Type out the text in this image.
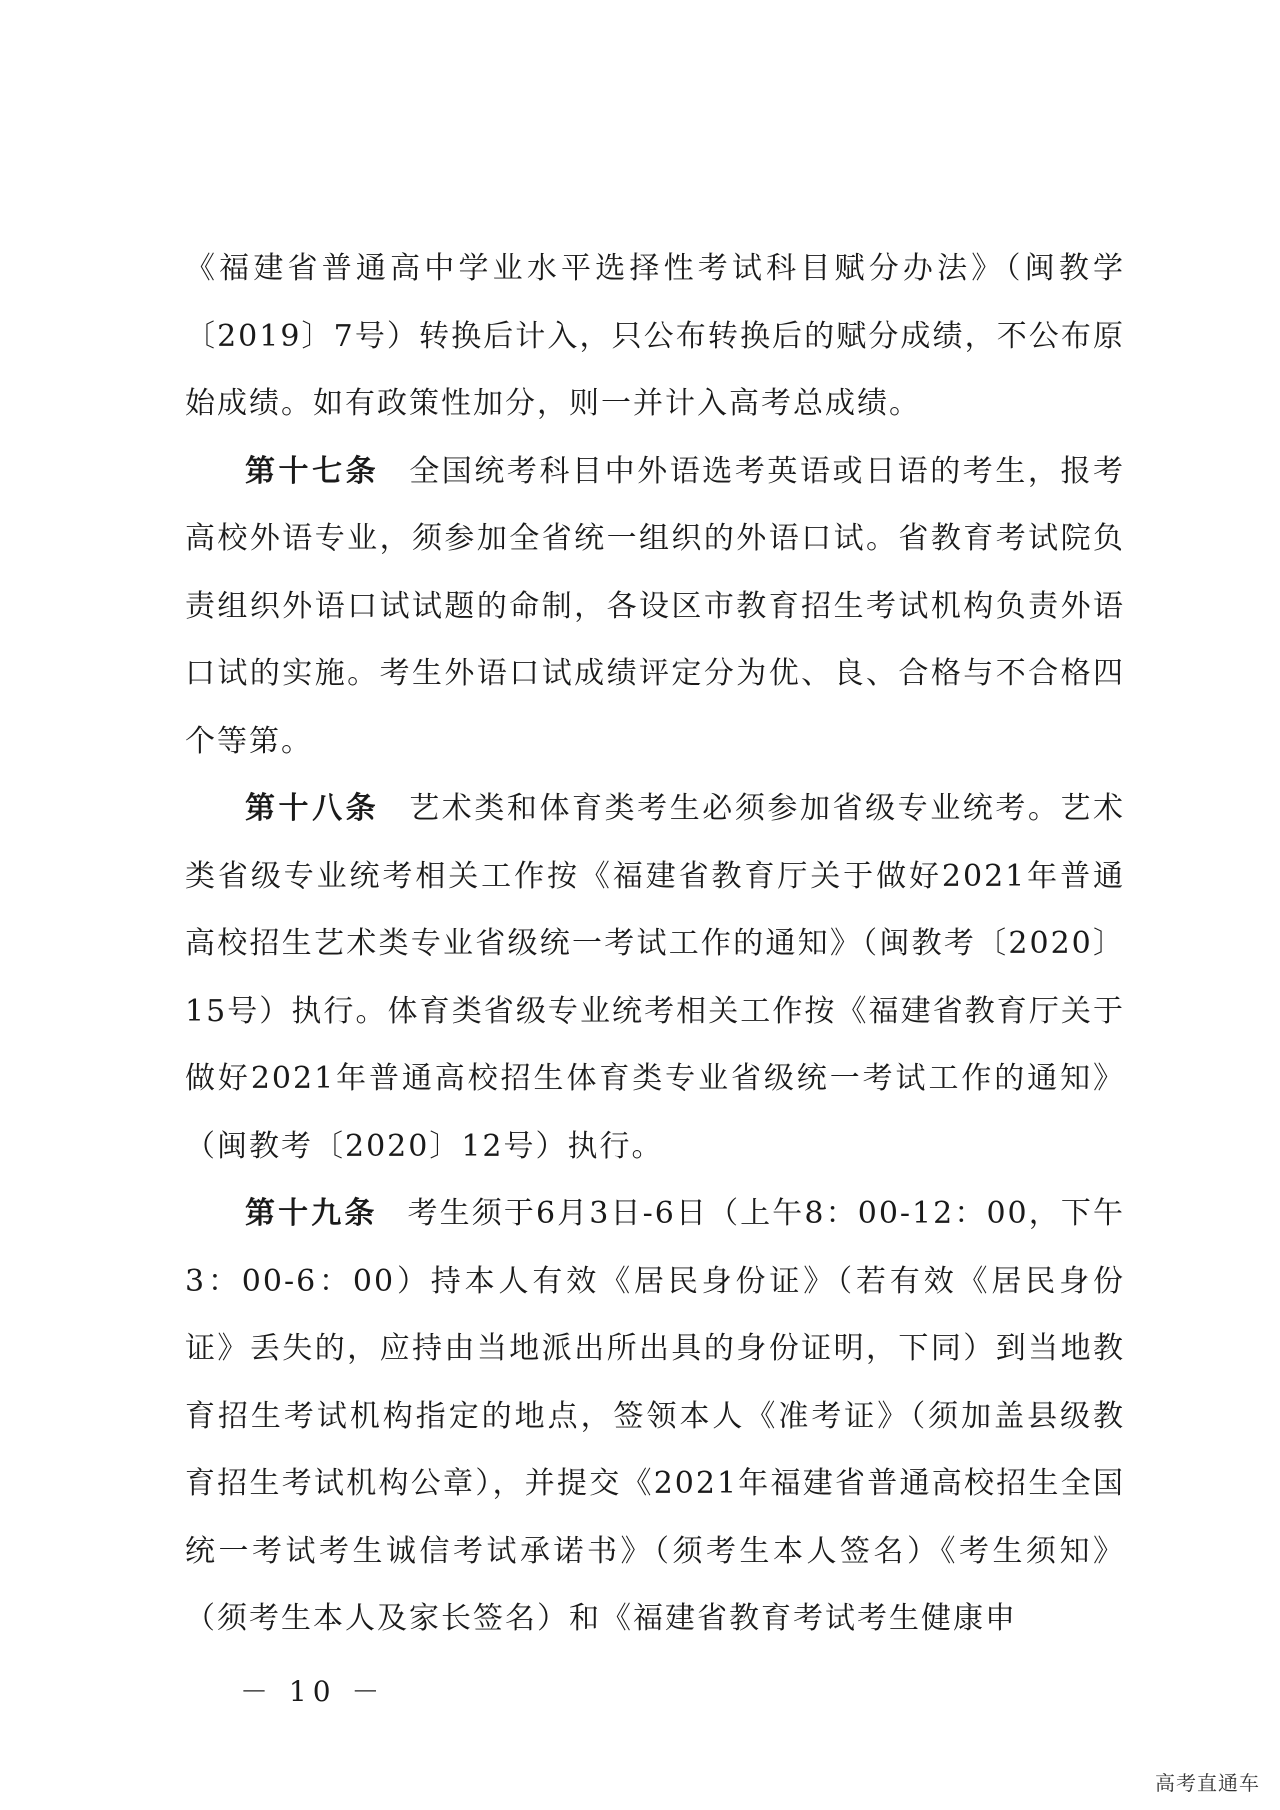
《福建省普通高中学业水平选择性考试科目赋分办法》（闽教学〔2019〕7号）转换后计入，只公布转换后的赋分成绩，不公布原始成绩。如有政策性加分，则一并计入高考总成绩。

第十七条 全国统考科目中外语选考英语或日语的考生，报考高校外语专业，须参加全省统一组织的外语口试。省教育考试院负责组织外语口试试题的命制，各设区市教育招生考试机构负责外语口试的实施。考生外语口试成绩评定分为优、良、合格与不合格四个等第。

第十八条 艺术类和体育类考生必须参加省级专业统考。艺术类省级专业统考相关工作按《福建省教育厅关于做好2021年普通高校招生艺术类专业省级统一考试工作的通知》（闽教考〔2020〕15号）执行。体育类省级专业统考相关工作按《福建省教育厅关于做好2021年普通高校招生体育类专业省级统一考试工作的通知》（闽教考〔2020〕12号）执行。

第十九条 考生须于6月3日-6日（上午8：00-12：00，下午3：00-6：00）持本人有效《居民身份证》（若有效《居民身份证》丢失的，应持由当地派出所出具的身份证明，下同）到当地教育招生考试机构指定的地点，签领本人《准考证》（须加盖县级教育招生考试机构公章），并提交《2021年福建省普通高校招生全国统一考试考生诚信考试承诺书》（须考生本人签名）《考生须知》（须考生本人及家长签名）和《福建省教育考试考生健康申

－ 10 －
高考直通车
